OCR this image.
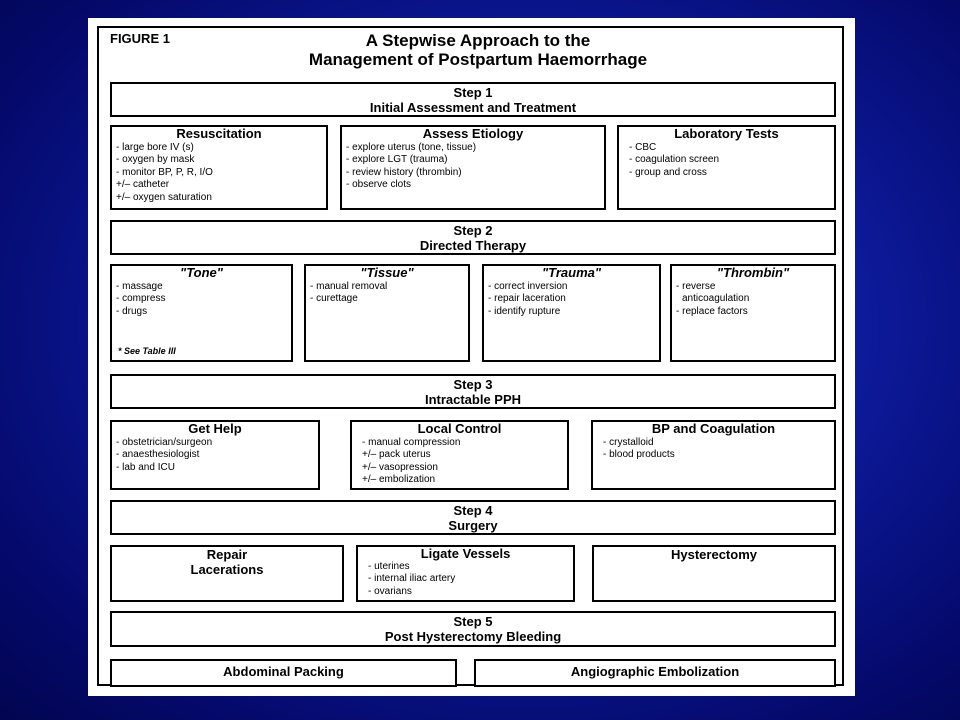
FIGURE 1	A Stepwise Approach to the
Management of Postpartum Haemorrhage
Step 1
Initial Assessment and Treatment
Resuscitation
- large bore IV (s)
- oxygen by mask
- monitor BP, P, R, I/O
+/– catheter
+/– oxygen saturation
Assess Etiology
- explore uterus (tone, tissue)
- explore LGT (trauma)
- review history (thrombin)
- observe clots
Laboratory Tests
- CBC
- coagulation screen
- group and cross
Step 2
Directed Therapy
"Tone"
- massage
- compress
- drugs
* See Table III
"Tissue"
- manual removal
- curettage
"Trauma"
- correct inversion
- repair laceration
- identify rupture
"Thrombin"
- reverse
anticoagulation
- replace factors
Step 3
Intractable PPH
Get Help
- obstetrician/surgeon
- anaesthesiologist
- lab and ICU
Local Control
- manual compression
+/– pack uterus
+/– vasopression
+/– embolization
BP and Coagulation
- crystalloid
- blood products
Step 4
Surgery
Repair
Lacerations
Ligate Vessels
- uterines
- internal iliac artery
- ovarians
Hysterectomy
Step 5
Post Hysterectomy Bleeding
Abdominal Packing	Angiographic Embolization
